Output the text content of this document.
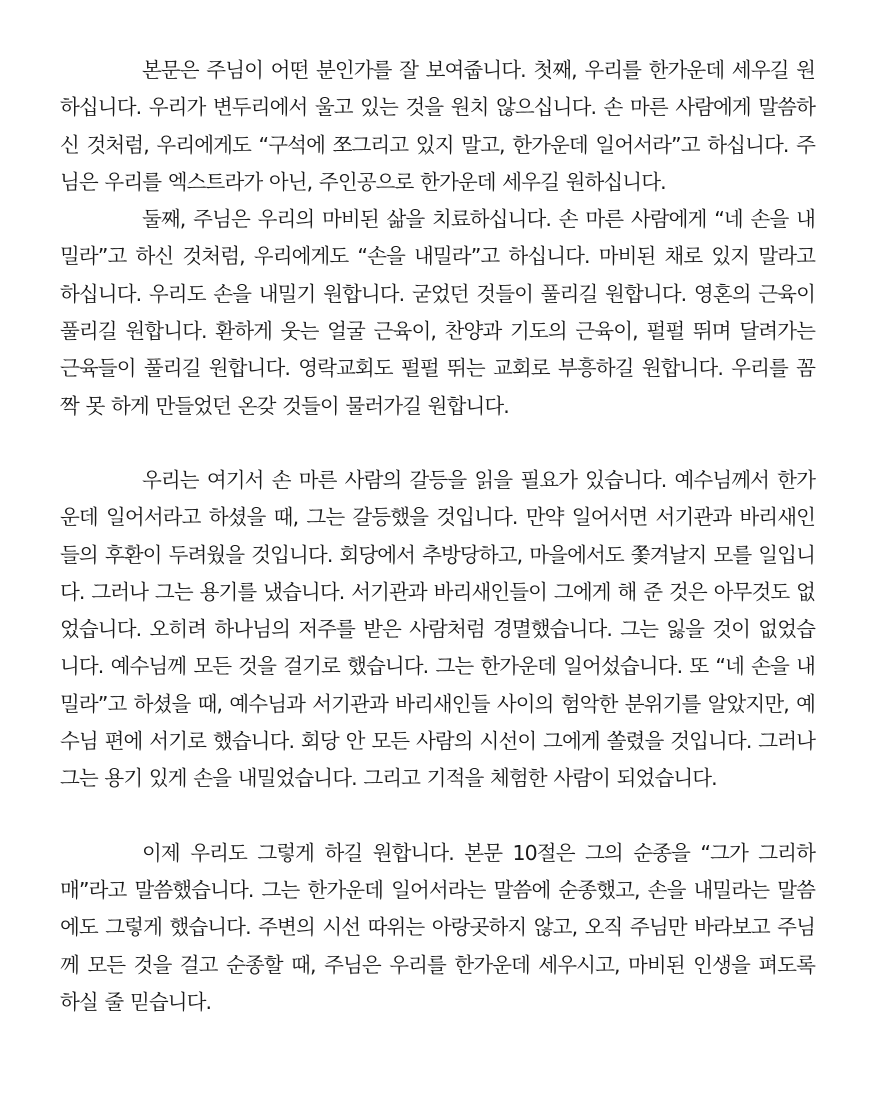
본문은 주님이 어떤 분인가를 잘 보여줍니다. 첫째, 우리를 한가운데 세우길 원하십니다. 우리가 변두리에서 울고 있는 것을 원치 않으십니다. 손 마른 사람에게 말씀하신 것처럼, 우리에게도 “구석에 쪼그리고 있지 말고, 한가운데 일어서라”고 하십니다. 주님은 우리를 엑스트라가 아닌, 주인공으로 한가운데 세우길 원하십니다.

둘째, 주님은 우리의 마비된 삶을 치료하십니다. 손 마른 사람에게 “네 손을 내밀라”고 하신 것처럼, 우리에게도 “손을 내밀라”고 하십니다. 마비된 채로 있지 말라고 하십니다. 우리도 손을 내밀기 원합니다. 굳었던 것들이 풀리길 원합니다. 영혼의 근육이 풀리길 원합니다. 환하게 웃는 얼굴 근육이, 찬양과 기도의 근육이, 펄펄 뛰며 달려가는 근육들이 풀리길 원합니다. 영락교회도 펄펄 뛰는 교회로 부흥하길 원합니다. 우리를 꼼짝 못 하게 만들었던 온갖 것들이 물러가길 원합니다.

우리는 여기서 손 마른 사람의 갈등을 읽을 필요가 있습니다. 예수님께서 한가운데 일어서라고 하셨을 때, 그는 갈등했을 것입니다. 만약 일어서면 서기관과 바리새인들의 후환이 두려웠을 것입니다. 회당에서 추방당하고, 마을에서도 쫓겨날지 모를 일입니다. 그러나 그는 용기를 냈습니다. 서기관과 바리새인들이 그에게 해 준 것은 아무것도 없었습니다. 오히려 하나님의 저주를 받은 사람처럼 경멸했습니다. 그는 잃을 것이 없었습니다. 예수님께 모든 것을 걸기로 했습니다. 그는 한가운데 일어섰습니다. 또 “네 손을 내밀라”고 하셨을 때, 예수님과 서기관과 바리새인들 사이의 험악한 분위기를 알았지만, 예수님 편에 서기로 했습니다. 회당 안 모든 사람의 시선이 그에게 쏠렸을 것입니다. 그러나 그는 용기 있게 손을 내밀었습니다. 그리고 기적을 체험한 사람이 되었습니다.

이제 우리도 그렇게 하길 원합니다. 본문 10절은 그의 순종을 “그가 그리하매”라고 말씀했습니다. 그는 한가운데 일어서라는 말씀에 순종했고, 손을 내밀라는 말씀에도 그렇게 했습니다. 주변의 시선 따위는 아랑곳하지 않고, 오직 주님만 바라보고 주님께 모든 것을 걸고 순종할 때, 주님은 우리를 한가운데 세우시고, 마비된 인생을 펴도록 하실 줄 믿습니다.
